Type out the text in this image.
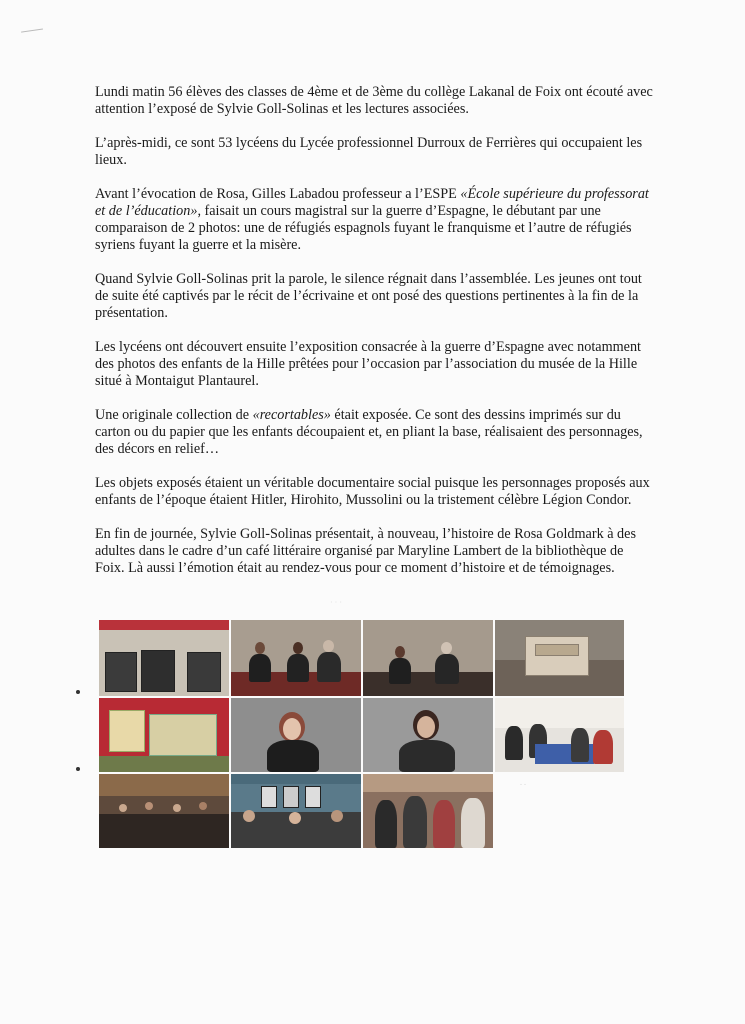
Lundi matin 56 élèves des classes de 4ème et de 3ème du collège Lakanal de Foix ont écouté avec attention l’exposé de Sylvie Goll-Solinas et les lectures associées.

L’après-midi, ce sont 53 lycéens du Lycée professionnel Durroux de Ferrières qui occupaient les lieux.

Avant l’évocation de Rosa, Gilles Labadou professeur a l’ESPE «École supérieure du professorat et de l’éducation», faisait un cours magistral sur la guerre d’Espagne, le débutant par une comparaison de 2 photos: une de réfugiés espagnols fuyant le franquisme et l’autre de réfugiés syriens fuyant la guerre et la misère.

Quand Sylvie Goll-Solinas prit la parole, le silence régnait dans l’assemblée. Les jeunes ont tout de suite été captivés par le récit de l’écrivaine et ont posé des questions pertinentes à la fin de la présentation.

Les lycéens ont découvert ensuite l’exposition consacrée à la guerre d’Espagne avec notamment des photos des enfants de la Hille prêtées pour l’occasion par l’association du musée de la Hille situé à Montaigut Plantaurel.

Une originale collection de «recortables» était exposée. Ce sont des dessins imprimés sur du carton ou du papier que les enfants découpaient et, en pliant la base, réalisaient des personnages, des décors en relief…

Les objets exposés étaient un véritable documentaire social puisque les personnages proposés aux enfants de l’époque étaient Hitler, Hirohito, Mussolini ou la tristement célèbre Légion Condor.

En fin de journée, Sylvie Goll-Solinas présentait, à nouveau, l’histoire de Rosa Goldmark à des adultes dans le cadre d’un café littéraire organisé par Maryline Lambert de la bibliothèque de Foix. Là aussi l’émotion était au rendez-vous pour ce moment d’histoire et de témoignages.

· · ·
∙ ∙
